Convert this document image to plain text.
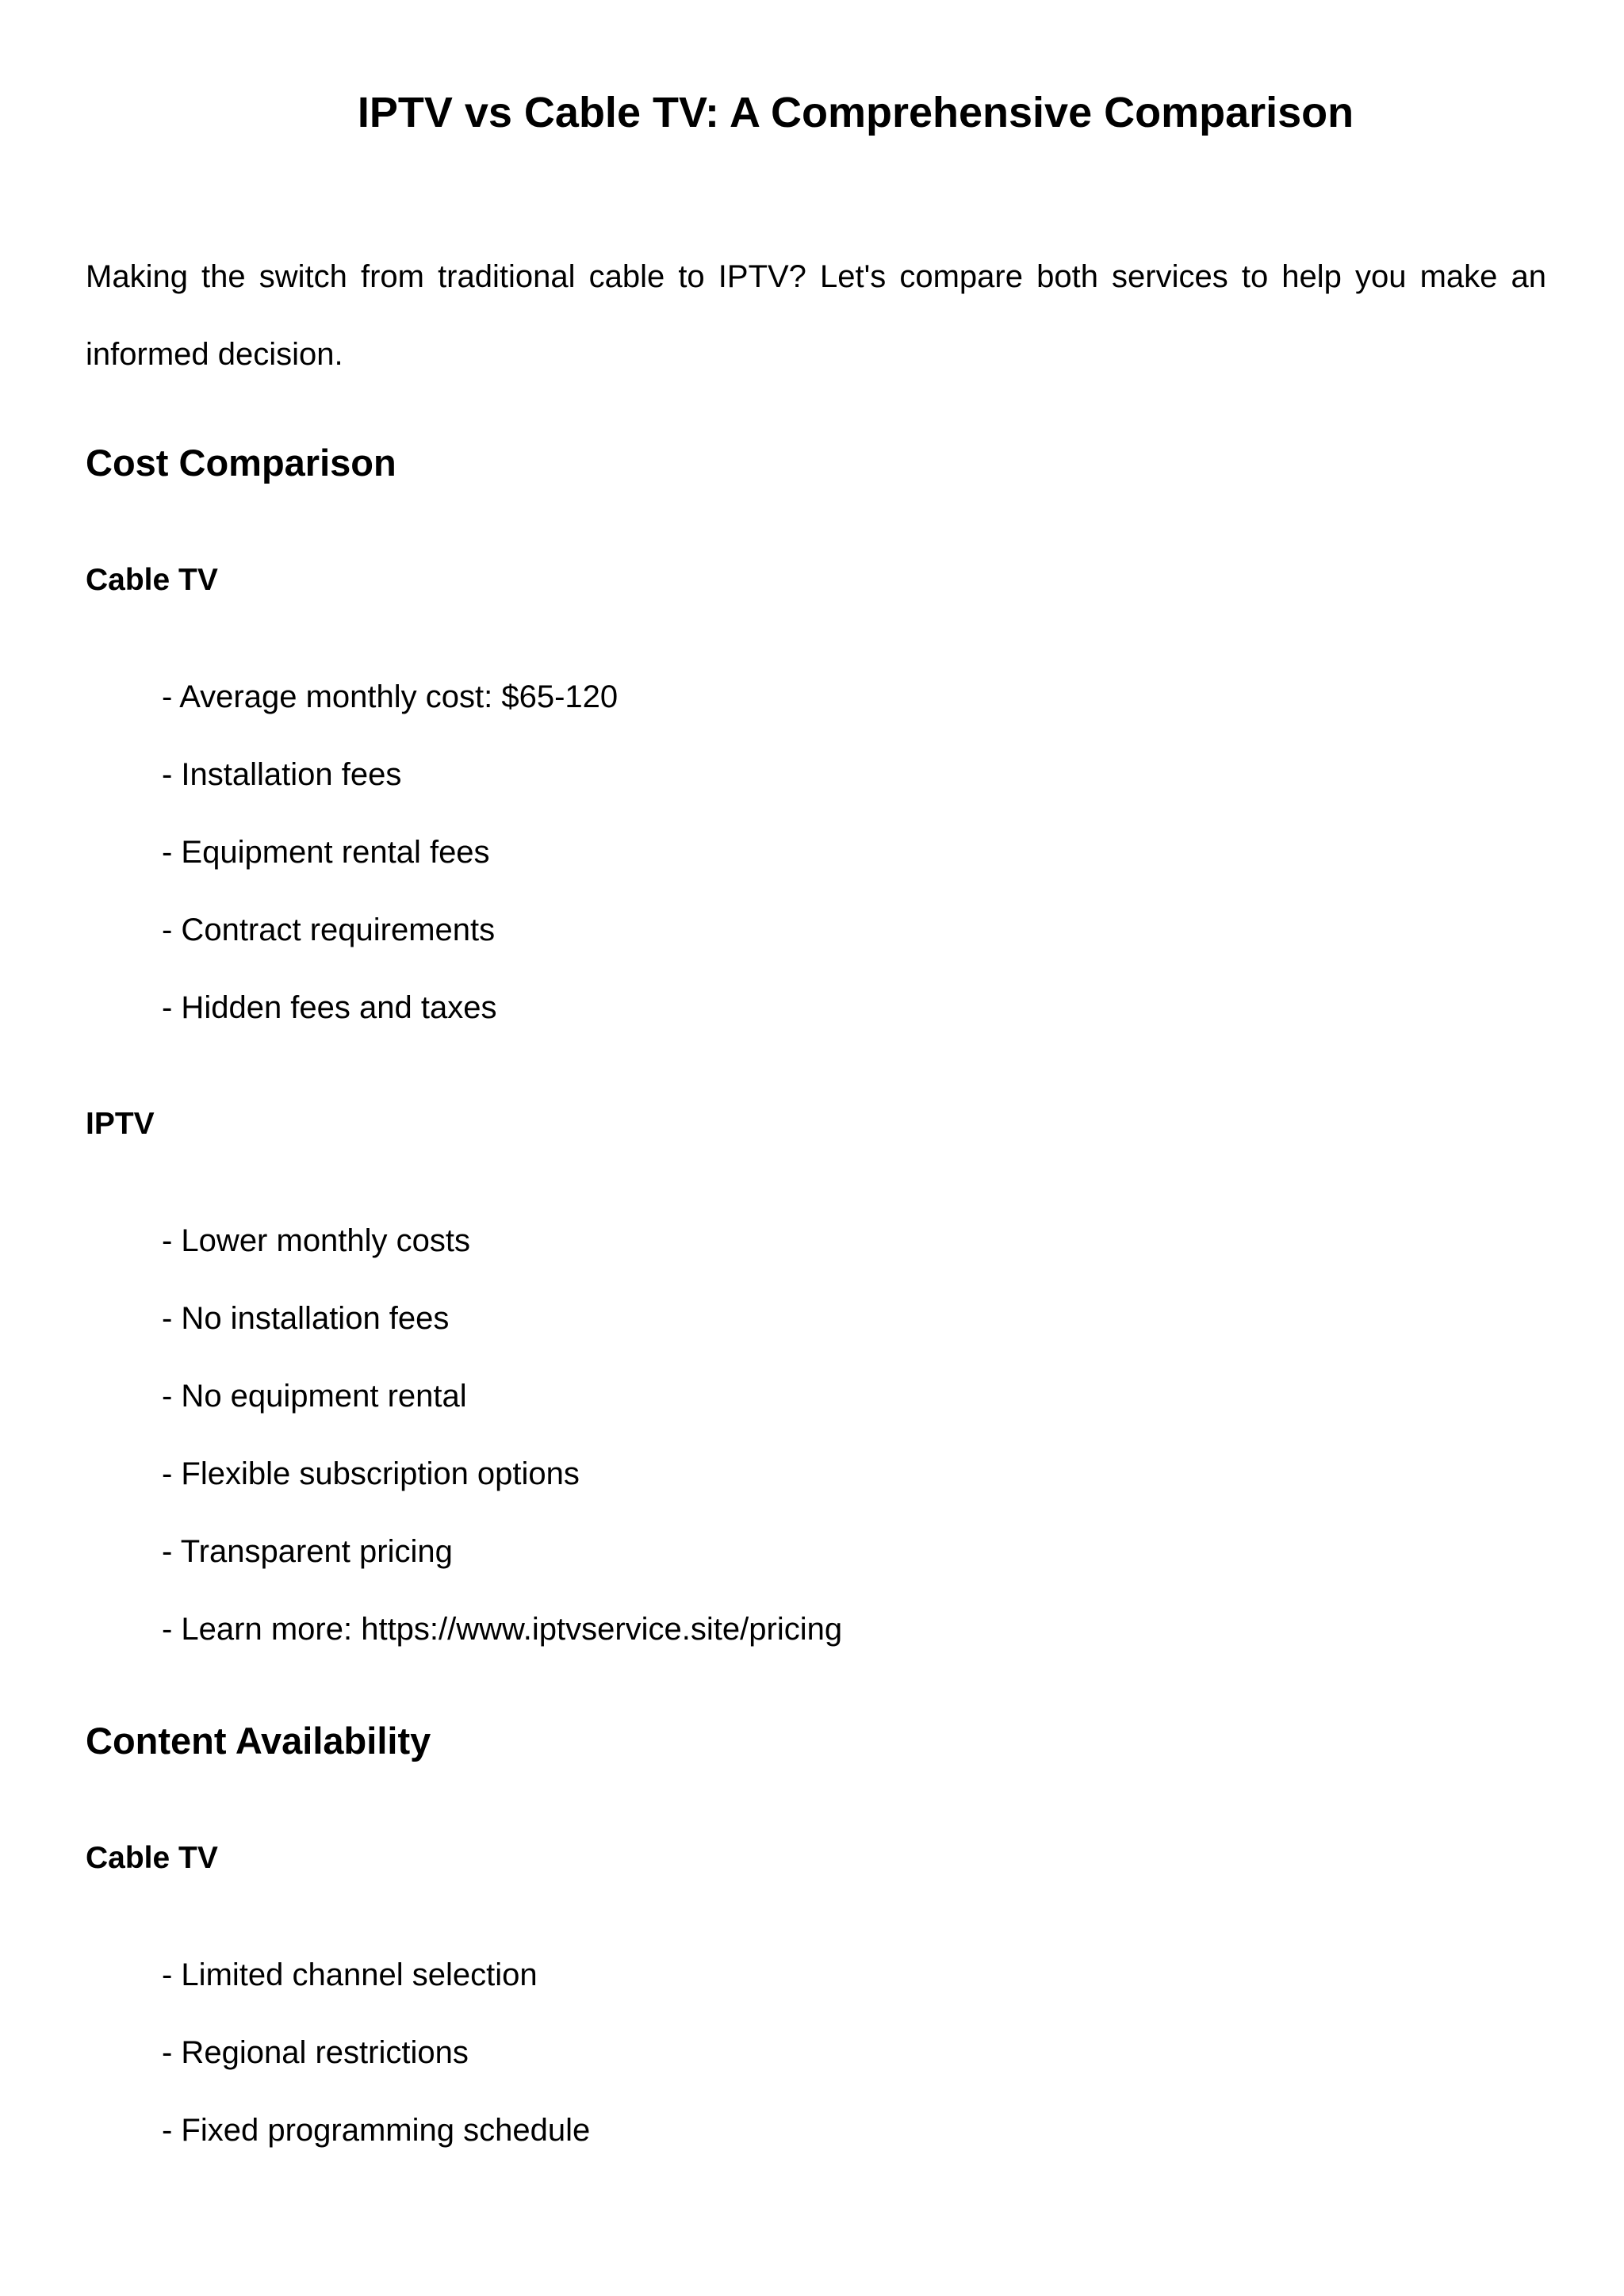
IPTV vs Cable TV: A Comprehensive Comparison

Making the switch from traditional cable to IPTV? Let's compare both services to help you make an informed decision.

Cost Comparison
Cable TV
- Average monthly cost: $65-120
- Installation fees
- Equipment rental fees
- Contract requirements
- Hidden fees and taxes
IPTV
- Lower monthly costs
- No installation fees
- No equipment rental
- Flexible subscription options
- Transparent pricing
- Learn more: https://www.iptvservice.site/pricing
Content Availability
Cable TV
- Limited channel selection
- Regional restrictions
- Fixed programming schedule
